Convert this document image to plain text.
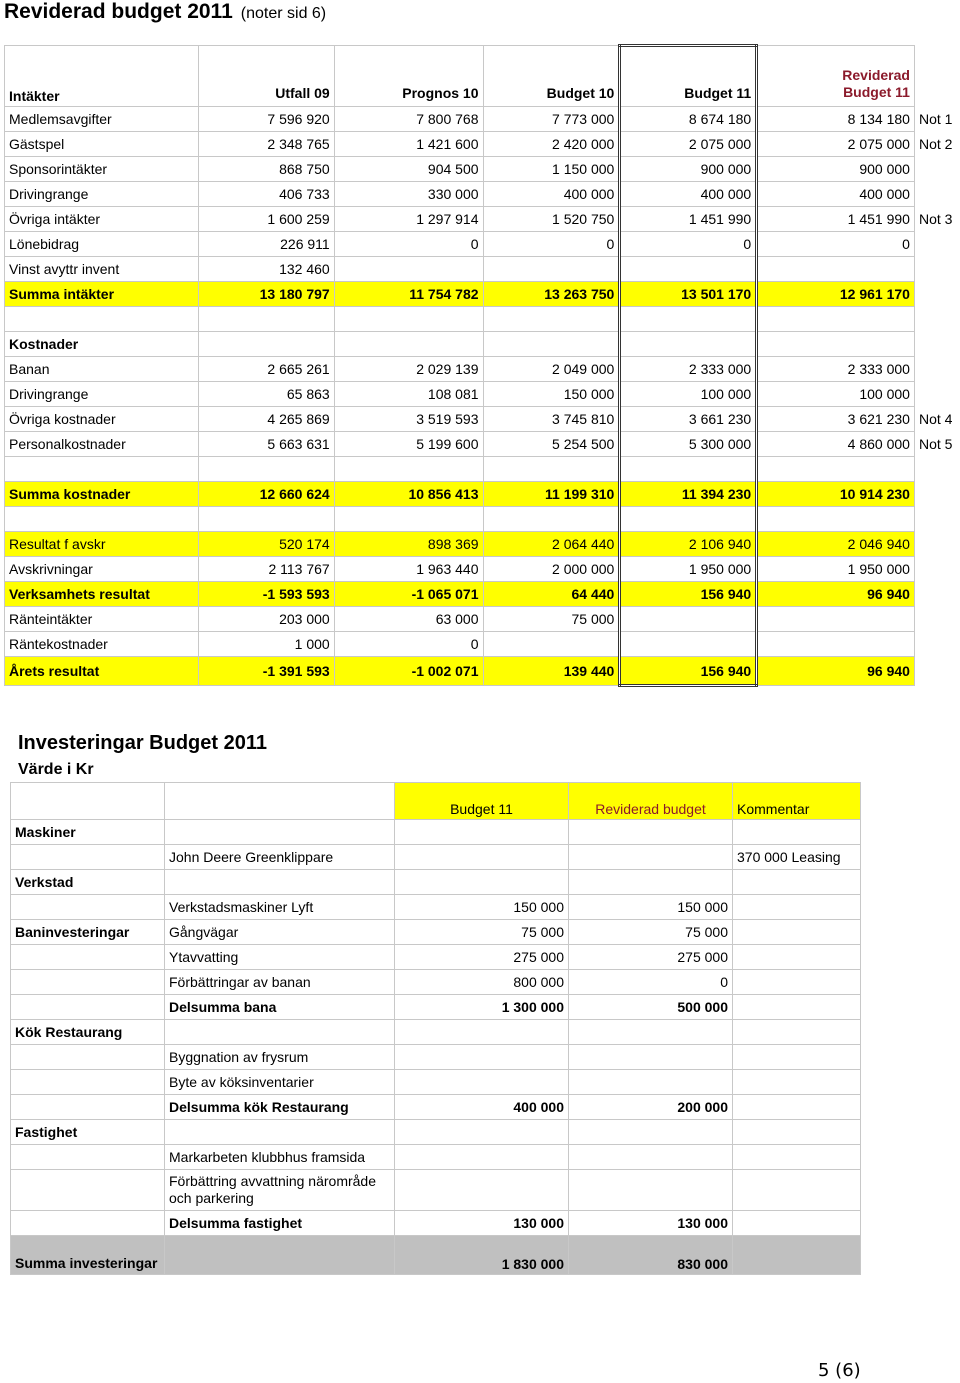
Reviderad budget 2011 (noter sid 6)
Intäkter	Utfall 09	Prognos 10	Budget 10	Budget 11	Reviderad
Budget 11	

Medlemsavgifter	7 596 920	7 800 768	7 773 000	8 674 180	8 134 180	Not 1
Gästspel	2 348 765	1 421 600	2 420 000	2 075 000	2 075 000	Not 2
Sponsorintäkter	868 750	904 500	1 150 000	900 000	900 000	
Drivingrange	406 733	330 000	400 000	400 000	400 000	
Övriga intäkter	1 600 259	1 297 914	1 520 750	1 451 990	1 451 990	Not 3
Lönebidrag	226 911	0	0	0	0	
Vinst avyttr invent	132 460					
Summa intäkter	13 180 797	11 754 782	13 263 750	13 501 170	12 961 170	

Kostnader						
Banan	2 665 261	2 029 139	2 049 000	2 333 000	2 333 000	
Drivingrange	65 863	108 081	150 000	100 000	100 000	
Övriga kostnader	4 265 869	3 519 593	3 745 810	3 661 230	3 621 230	Not 4
Personalkostnader	5 663 631	5 199 600	5 254 500	5 300 000	4 860 000	Not 5

Summa kostnader	12 660 624	10 856 413	11 199 310	11 394 230	10 914 230	

Resultat f avskr	520 174	898 369	2 064 440	2 106 940	2 046 940	
Avskrivningar	2 113 767	1 963 440	2 000 000	1 950 000	1 950 000	
Verksamhets resultat	-1 593 593	-1 065 071	64 440	156 940	96 940	
Ränteintäkter	203 000	63 000	75 000			
Räntekostnader	1 000	0				
Årets resultat	-1 391 593	-1 002 071	139 440	156 940	96 940	
Investeringar Budget 2011
Värde i Kr
		Budget 11	Reviderad budget	Kommentar
Maskiner				
	John Deere Greenklippare			370 000 Leasing
Verkstad				
	Verkstadsmaskiner Lyft	150 000	150 000	
Baninvesteringar	Gångvägar	75 000	75 000	
	Ytavvatting	275 000	275 000	
	Förbättringar av banan	800 000	0	
	Delsumma bana	1 300 000	500 000	
Kök Restaurang				
	Byggnation av frysrum			
	Byte av köksinventarier			
	Delsumma kök Restaurang	400 000	200 000	
Fastighet				
	Markarbeten klubbhus framsida			
	Förbättring avvattning närområde och parkering			
	Delsumma fastighet	130 000	130 000	
Summa investeringar		1 830 000	830 000	
5 (6)
